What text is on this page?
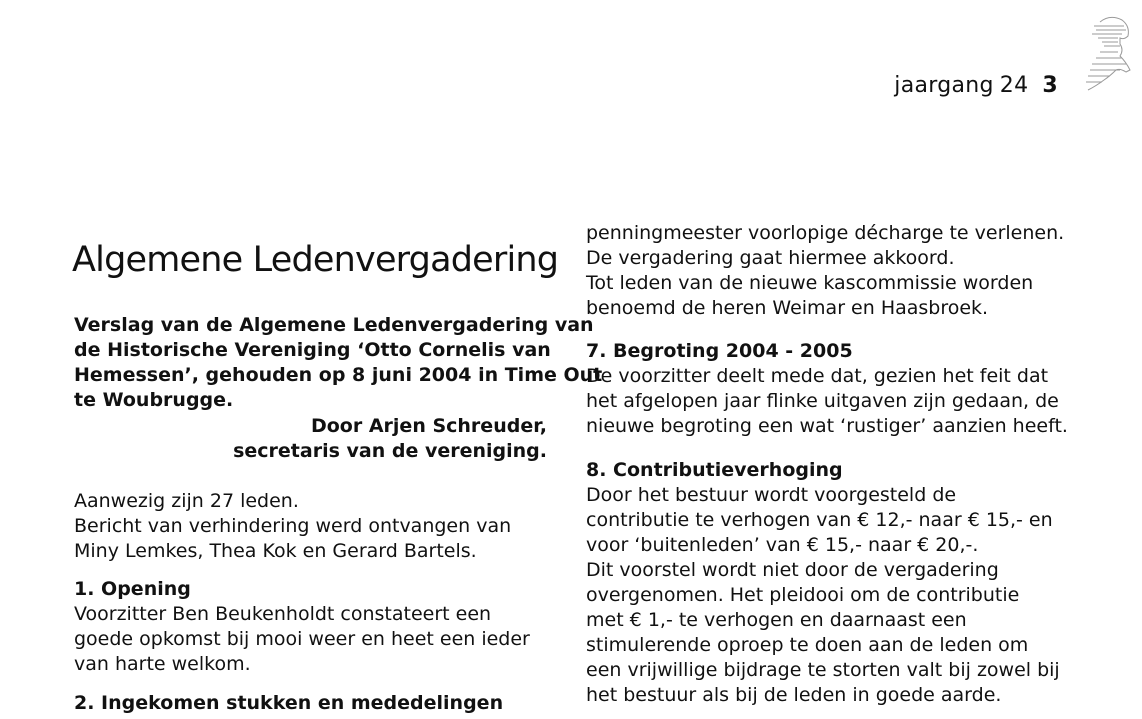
jaargang 24 3
Algemene Ledenvergadering

Verslag van de Algemene Ledenvergadering van

de Historische Vereniging ‘Otto Cornelis van

Hemessen’, gehouden op 8 juni 2004 in Time Out

te Woubrugge.

Door Arjen Schreuder,

secretaris van de vereniging.

Aanwezig zijn 27 leden.

Bericht van verhindering werd ontvangen van

Miny Lemkes, Thea Kok en Gerard Bartels.

1. Opening

Voorzitter Ben Beukenholdt constateert een

goede opkomst bij mooi weer en heet een ieder

van harte welkom.

2. Ingekomen stukken en mededelingen

penningmeester voorlopige décharge te verlenen.

De vergadering gaat hiermee akkoord.

Tot leden van de nieuwe kascommissie worden

benoemd de heren Weimar en Haasbroek.

7. Begroting 2004 - 2005

De voorzitter deelt mede dat, gezien het feit dat

het afgelopen jaar flinke uitgaven zijn gedaan, de

nieuwe begroting een wat ‘rustiger’ aanzien heeft.

8. Contributieverhoging

Door het bestuur wordt voorgesteld de

contributie te verhogen van € 12,- naar € 15,- en

voor ‘buitenleden’ van € 15,- naar € 20,-.

Dit voorstel wordt niet door de vergadering

overgenomen. Het pleidooi om de contributie

met € 1,- te verhogen en daarnaast een

stimulerende oproep te doen aan de leden om

een vrijwillige bijdrage te storten valt bij zowel bij

het bestuur als bij de leden in goede aarde.
